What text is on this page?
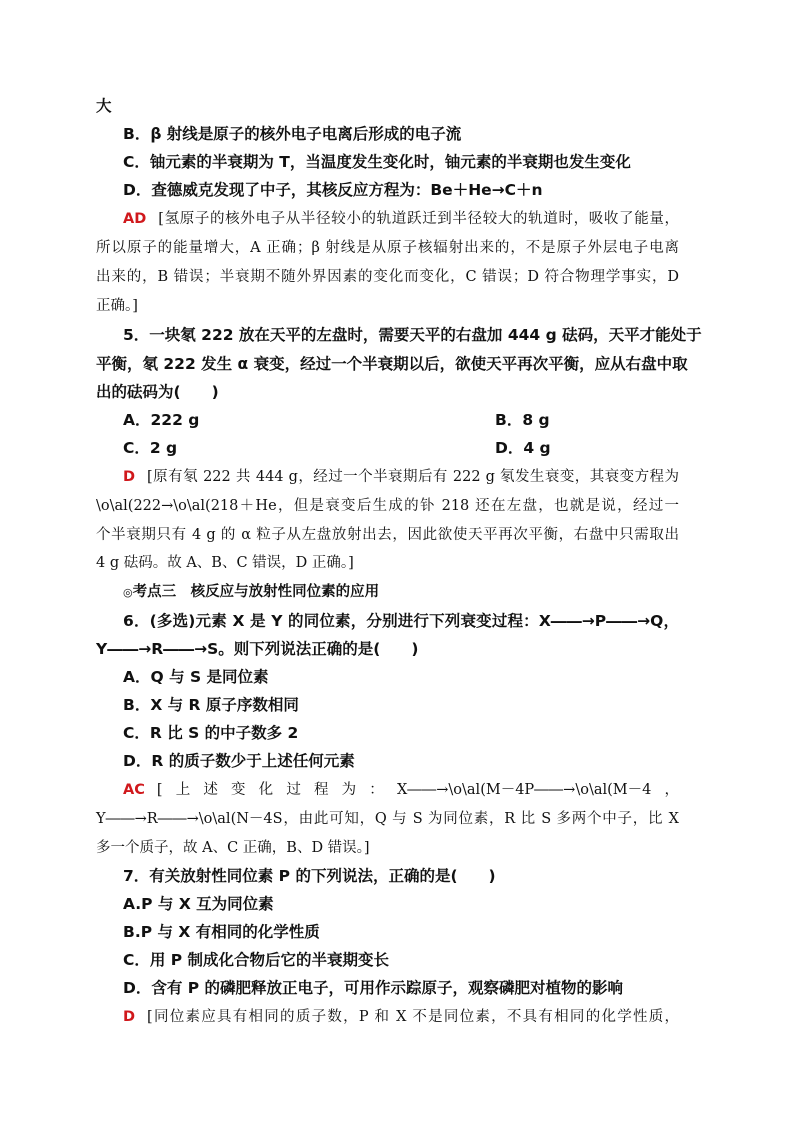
大
B．β 射线是原子的核外电子电离后形成的电子流
C．铀元素的半衰期为 T，当温度发生变化时，铀元素的半衰期也发生变化
D．查德威克发现了中子，其核反应方程为：Be＋He→C＋n
AD [氢原子的核外电子从半径较小的轨道跃迁到半径较大的轨道时，吸收了能量，
所以原子的能量增大，A 正确；β 射线是从原子核辐射出来的，不是原子外层电子电离
出来的，B 错误；半衰期不随外界因素的变化而变化，C 错误；D 符合物理学事实，D
正确。]
5．一块氡 222 放在天平的左盘时，需要天平的右盘加 444 g 砝码，天平才能处于
平衡，氡 222 发生 α 衰变，经过一个半衰期以后，欲使天平再次平衡，应从右盘中取
出的砝码为(　　)
A．222 g	B．8 g
C．2 g	D．4 g
D [原有氡 222 共 444 g，经过一个半衰期后有 222 g 氡发生衰变，其衰变方程为
\o\al(222→\o\al(218＋He，但是衰变后生成的钋 218 还在左盘，也就是说，经过一
个半衰期只有 4 g 的 α 粒子从左盘放射出去，因此欲使天平再次平衡，右盘中只需取出
4 g 砝码。故 A、B、C 错误，D 正确。]
◎考点三　核反应与放射性同位素的应用
6．(多选)元素 X 是 Y 的同位素，分别进行下列衰变过程：X――→P――→Q，
Y――→R――→S。则下列说法正确的是(　　)
A．Q 与 S 是同位素
B．X 与 R 原子序数相同
C．R 比 S 的中子数多 2
D．R 的质子数少于上述任何元素
AC [上述变化过程为：X――→\o\al(M－4P――→\o\al(M－4，
Y――→R――→\o\al(N－4S，由此可知，Q 与 S 为同位素，R 比 S 多两个中子，比 X
多一个质子，故 A、C 正确，B、D 错误。]
7．有关放射性同位素 P 的下列说法，正确的是(　　)
A.P 与 X 互为同位素
B.P 与 X 有相同的化学性质
C．用 P 制成化合物后它的半衰期变长
D．含有 P 的磷肥释放正电子，可用作示踪原子，观察磷肥对植物的影响
D [同位素应具有相同的质子数，P 和 X 不是同位素，不具有相同的化学性质，
